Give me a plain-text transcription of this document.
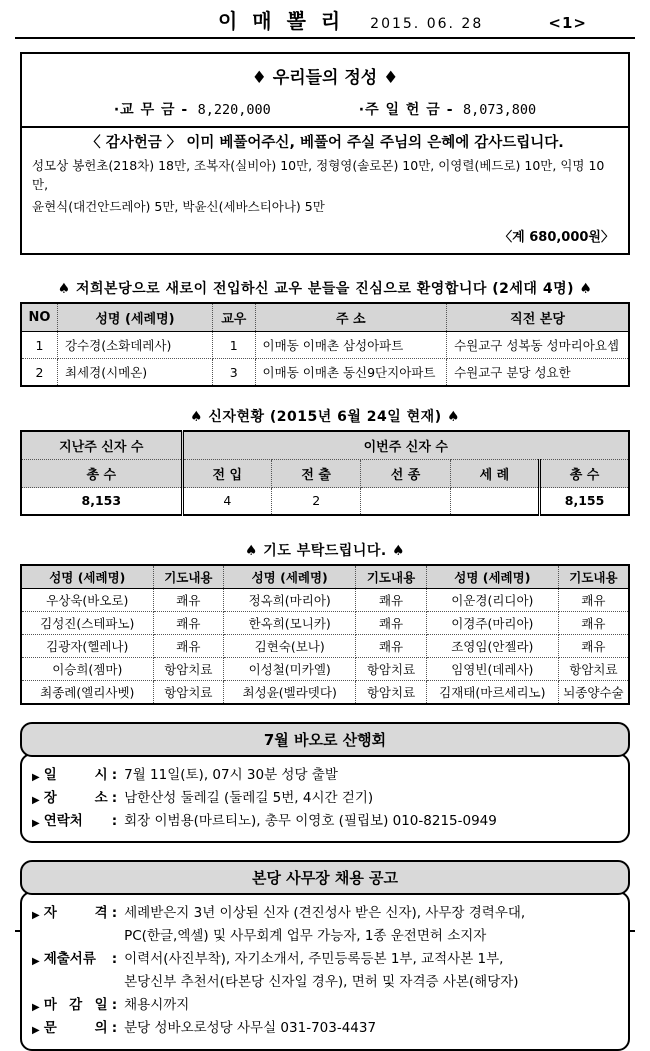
이 매 뽈 리 2015. 06. 28	<1>
♦ 우리들의 정성 ♦
·교 무 금 - 8,220,000	·주 일 헌 금 - 8,073,800
〈 감사헌금 〉 이미 베풀어주신, 베풀어 주실 주님의 은혜에 감사드립니다.
성모상 봉헌초(218차) 18만, 조복자(실비아) 10만, 정형영(솔로몬) 10만, 이영렬(베드로) 10만, 익명 10만,
윤현식(대건안드레아) 5만, 박윤신(세바스티아나) 5만
〈계 680,000원〉
♠ 저희본당으로 새로이 전입하신 교우 분들을 진심으로 환영합니다 (2세대 4명) ♠
NO	성명 (세례명)	교우	주 소	직전 본당
1	강수경(소화데레사)	1	이매동 이매촌 삼성아파트	수원교구 성복동 성마리아요셉
2	최세경(시메온)	3	이매동 이매촌 동신9단지아파트	수원교구 분당 성요한
♠ 신자현황 (2015년 6월 24일 현재) ♠
지난주 신자 수	이번주 신자 수				
총 수	전 입	전 출	선 종	세 례	총 수
8,153	4	2			8,155
♠ 기도 부탁드립니다. ♠
성명 (세례명)	기도내용	성명 (세례명)	기도내용	성명 (세례명)	기도내용
우상욱(바오로)	쾌유	정옥희(마리아)	쾌유	이운경(리디아)	쾌유
김성진(스테파노)	쾌유	한옥희(모니카)	쾌유	이경주(마리아)	쾌유
김광자(헬레나)	쾌유	김현숙(보나)	쾌유	조영임(안젤라)	쾌유
이승희(젬마)	항암치료	이성철(미카엘)	항암치료	임영빈(데레사)	항암치료
최종례(엘리사벳)	항암치료	최성윤(벨라뎃다)	항암치료	김재태(마르세리노)	뇌종양수술
7월 바오로 산행회
▶ 일 시 : 7월 11일(토), 07시 30분 성당 출발
▶ 장 소 : 남한산성 둘레길 (둘레길 5번, 4시간 걷기)
▶ 연락처	: 회장 이범용(마르티노), 총무 이영호 (필립보) 010-8215-0949
본당 사무장 채용 공고
▶ 자 격 : 세례받은지 3년 이상된 신자 (견진성사 받은 신자), 사무장 경력우대,
PC(한글,엑셀) 및 사무회계 업무 가능자, 1종 운전면허 소지자
▶ 제출서류	: 이력서(사진부착), 자기소개서, 주민등록등본 1부, 교적사본 1부,
본당신부 추천서(타본당 신자일 경우), 면허 및 자격증 사본(해당자)
▶ 마 감 일 : 채용시까지
▶ 문 의 : 분당 성바오로성당 사무실 031-703-4437
